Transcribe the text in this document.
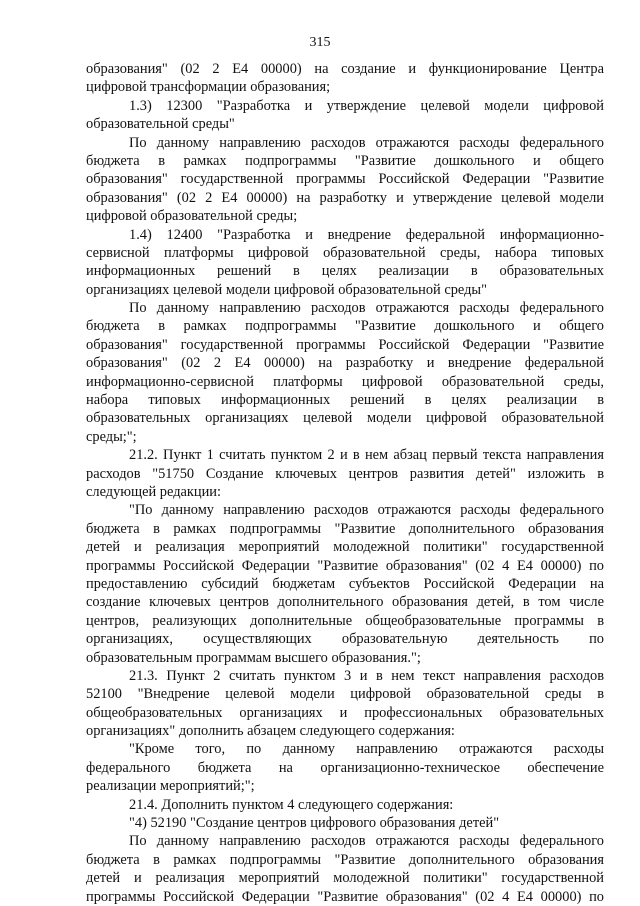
315
образования" (02 2 E4 00000) на создание и функционирование Центра
цифровой трансформации образования;
1.3) 12300 "Разработка и утверждение целевой модели цифровой
образовательной среды"
По данному направлению расходов отражаются расходы федерального
бюджета в рамках подпрограммы "Развитие дошкольного и общего
образования" государственной программы Российской Федерации "Развитие
образования" (02 2 E4 00000) на разработку и утверждение целевой модели
цифровой образовательной среды;
1.4) 12400 "Разработка и внедрение федеральной информационно-
сервисной платформы цифровой образовательной среды, набора типовых
информационных решений в целях реализации в образовательных
организациях целевой модели цифровой образовательной среды"
По данному направлению расходов отражаются расходы федерального
бюджета в рамках подпрограммы "Развитие дошкольного и общего
образования" государственной программы Российской Федерации "Развитие
образования" (02 2 E4 00000) на разработку и внедрение федеральной
информационно-сервисной платформы цифровой образовательной среды,
набора типовых информационных решений в целях реализации в
образовательных организациях целевой модели цифровой образовательной
среды;";
21.2. Пункт 1 считать пунктом 2 и в нем абзац первый текста направления
расходов "51750 Создание ключевых центров развития детей" изложить в
следующей редакции:
"По данному направлению расходов отражаются расходы федерального
бюджета в рамках подпрограммы "Развитие дополнительного образования
детей и реализация мероприятий молодежной политики" государственной
программы Российской Федерации "Развитие образования" (02 4 E4 00000) по
предоставлению субсидий бюджетам субъектов Российской Федерации на
создание ключевых центров дополнительного образования детей, в том числе
центров, реализующих дополнительные общеобразовательные программы в
организациях, осуществляющих образовательную деятельность по
образовательным программам высшего образования.";
21.3. Пункт 2 считать пунктом 3 и в нем текст направления расходов
52100 "Внедрение целевой модели цифровой образовательной среды в
общеобразовательных организациях и профессиональных образовательных
организациях" дополнить абзацем следующего содержания:
"Кроме того, по данному направлению отражаются расходы
федерального бюджета на организационно-техническое обеспечение
реализации мероприятий;";
21.4. Дополнить пунктом 4 следующего содержания:
"4) 52190 "Создание центров цифрового образования детей"
По данному направлению расходов отражаются расходы федерального
бюджета в рамках подпрограммы "Развитие дополнительного образования
детей и реализация мероприятий молодежной политики" государственной
программы Российской Федерации "Развитие образования" (02 4 E4 00000) по
